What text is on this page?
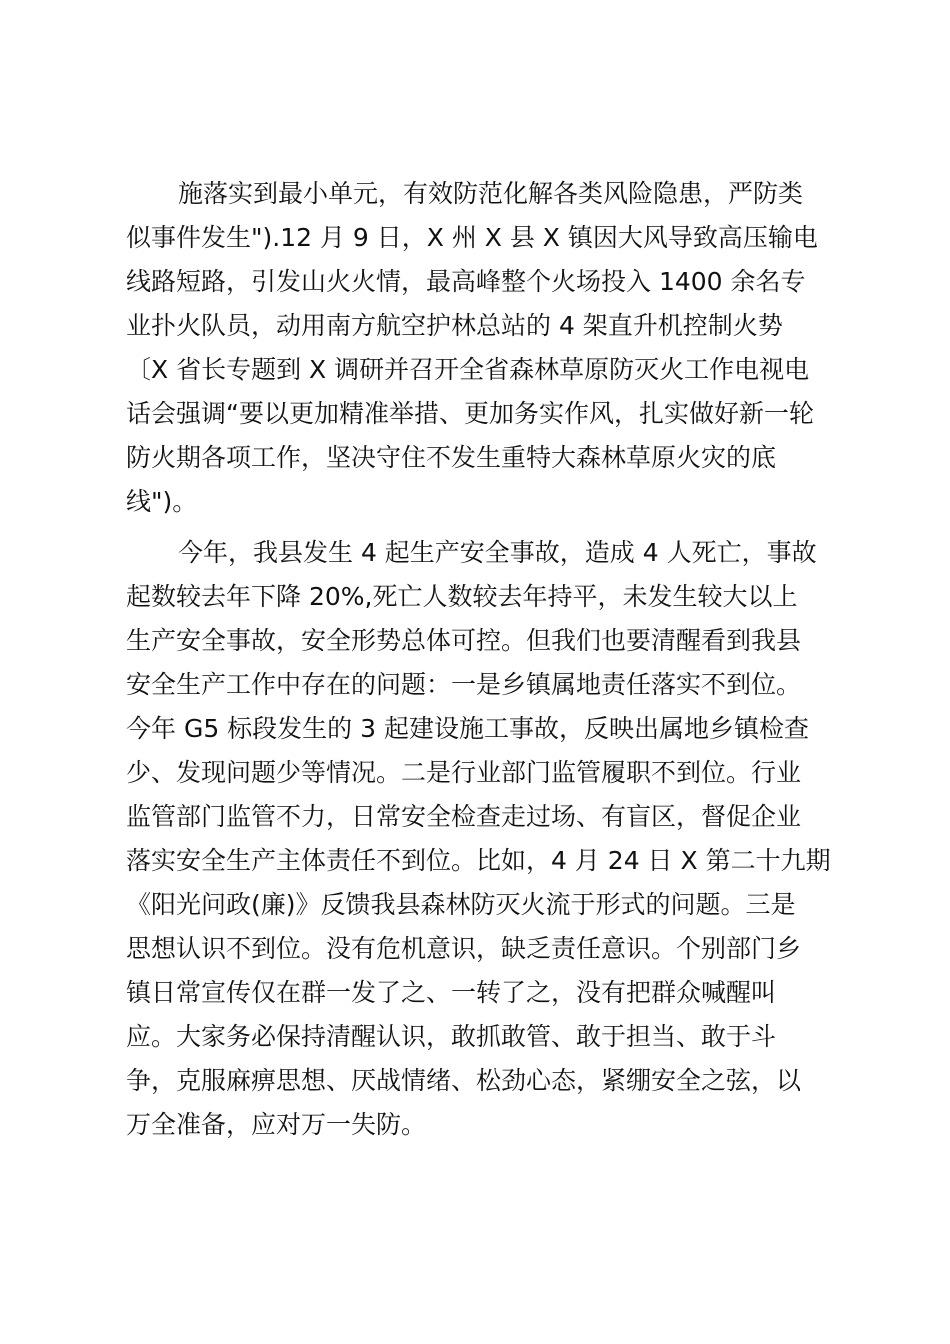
施落实到最小单元，有效防范化解各类风险隐患，严防类
似事件发生").12 月 9 日，X 州 X 县 X 镇因大风导致高压输电
线路短路，引发山火火情，最高峰整个火场投入 1400 余名专
业扑火队员，动用南方航空护林总站的 4 架直升机控制火势
〔X 省长专题到 X 调研并召开全省森林草原防灭火工作电视电
话会强调“要以更加精准举措、更加务实作风，扎实做好新一轮
防火期各项工作，坚决守住不发生重特大森林草原火灾的底
线")。
今年，我县发生 4 起生产安全事故，造成 4 人死亡，事故
起数较去年下降 20%,死亡人数较去年持平，未发生较大以上
生产安全事故，安全形势总体可控。但我们也要清醒看到我县
安全生产工作中存在的问题：一是乡镇属地责任落实不到位。
今年 G5 标段发生的 3 起建设施工事故，反映出属地乡镇检查
少、发现问题少等情况。二是行业部门监管履职不到位。行业
监管部门监管不力，日常安全检查走过场、有盲区，督促企业
落实安全生产主体责任不到位。比如，4 月 24 日 X 第二十九期
《阳光问政(廉)》反馈我县森林防灭火流于形式的问题。三是
思想认识不到位。没有危机意识，缺乏责任意识。个别部门乡
镇日常宣传仅在群一发了之、一转了之，没有把群众喊醒叫
应。大家务必保持清醒认识，敢抓敢管、敢于担当、敢于斗
争，克服麻痹思想、厌战情绪、松劲心态，紧绷安全之弦，以
万全准备，应对万一失防。
